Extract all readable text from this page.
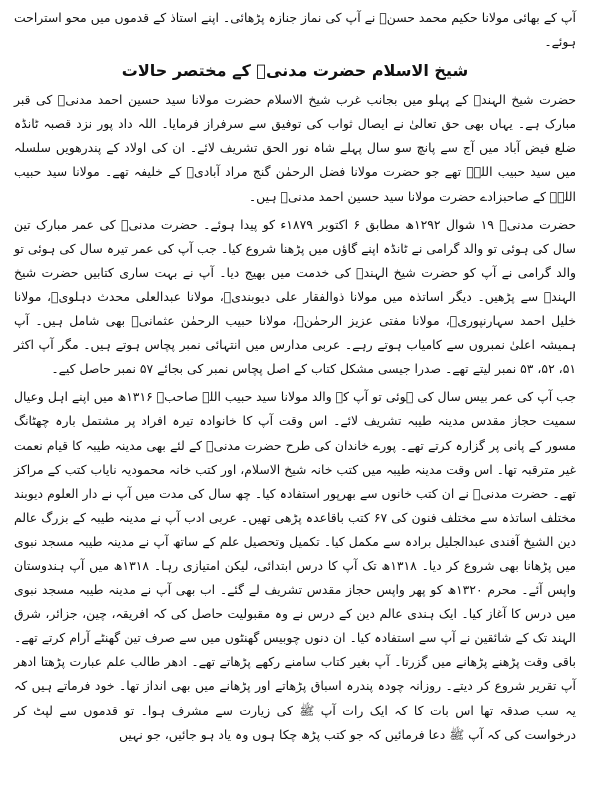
آپ کے بھائی مولانا حکیم محمد حسنؒ نے آپ کی نماز جنازہ پڑھائی۔ اپنے استاذ کے قدموں میں محو استراحت ہوئے۔

شیخ الاسلام حضرت مدنیؒ کے مختصر حالات

حضرت شیخ الہندؒ کے پہلو میں بجانب غرب شیخ الاسلام حضرت مولانا سید حسین احمد مدنیؒ کی قبر مبارک ہے۔ یہاں بھی حق تعالیٰ نے ایصال ثواب کی توفیق سے سرفراز فرمایا۔ اللہ داد پور نزد قصبہ ٹانڈہ ضلع فیض آباد میں آج سے پانچ سو سال پہلے شاہ نور الحق تشریف لائے۔ ان کی اولاد کے پندرھویں سلسلہ میں سید حبیب اللہؒ تھے جو حضرت مولانا فضل الرحمٰن گنج مراد آبادیؒ کے خلیفہ تھے۔ مولانا سید حبیب اللہؒ کے صاحبزادے حضرت مولانا سید حسین احمد مدنیؒ ہیں۔

حضرت مدنیؒ ۱۹ شوال ۱۲۹۲ھ مطابق ۶ اکتوبر ۱۸۷۹ء کو پیدا ہوئے۔ حضرت مدنیؒ کی عمر مبارک تین سال کی ہوئی تو والد گرامی نے ٹانڈہ اپنے گاؤں میں پڑھنا شروع کیا۔ جب آپ کی عمر تیرہ سال کی ہوئی تو والد گرامی نے آپ کو حضرت شیخ الہندؒ کی خدمت میں بھیج دیا۔ آپ نے بہت ساری کتابیں حضرت شیخ الہندؒ سے پڑھیں۔ دیگر اساتذہ میں مولانا ذوالفقار علی دیوبندیؒ، مولانا عبدالعلی محدث دہلویؒ، مولانا خلیل احمد سہارنپوریؒ، مولانا مفتی عزیز الرحمٰنؒ، مولانا حبیب الرحمٰن عثمانیؒ بھی شامل ہیں۔ آپ ہمیشہ اعلیٰ نمبروں سے کامیاب ہوتے رہے۔ عربی مدارس میں انتہائی نمبر پچاس ہوتے ہیں۔ مگر آپ اکثر ۵۱، ۵۲، ۵۳ نمبر لیتے تھے۔ صدرا جیسی مشکل کتاب کے اصل پچاس نمبر کی بجائے ۵۷ نمبر حاصل کیے۔

جب آپ کی عمر بیس سال کی ہوئی تو آپ کے والد مولانا سید حبیب اللہ صاحبؒ ۱۳۱۶ھ میں اپنے اہل وعیال سمیت حجاز مقدس مدینہ طیبہ تشریف لائے۔ اس وقت آپ کا خانوادہ تیرہ افراد پر مشتمل بارہ چھٹانگ مسور کے پانی پر گزارہ کرتے تھے۔ پورے خاندان کی طرح حضرت مدنیؒ کے لئے بھی مدینہ طیبہ کا قیام نعمت غیر مترقبہ تھا۔ اس وقت مدینہ طیبہ میں کتب خانہ شیخ الاسلام، اور کتب خانہ محمودیہ نایاب کتب کے مراکز تھے۔ حضرت مدنیؒ نے ان کتب خانوں سے بھرپور استفادہ کیا۔ چھ سال کی مدت میں آپ نے دار العلوم دیوبند مختلف اساتذہ سے مختلف فنون کی ۶۷ کتب باقاعدہ پڑھی تھیں۔ عربی ادب آپ نے مدینہ طیبہ کے بزرگ عالم دین الشیخ آفندی عبدالجلیل برادہ سے مکمل کیا۔ تکمیل وتحصیل علم کے ساتھ آپ نے مدینہ طیبہ مسجد نبوی میں پڑھانا بھی شروع کر دیا۔ ۱۳۱۸ھ تک آپ کا درس ابتدائی، لیکن امتیازی رہا۔ ۱۳۱۸ھ میں آپ ہندوستان واپس آئے۔ محرم ۱۳۲۰ھ کو پھر واپس حجاز مقدس تشریف لے گئے۔ اب بھی آپ نے مدینہ طیبہ مسجد نبوی میں درس کا آغاز کیا۔ ایک ہندی عالم دین کے درس نے وہ مقبولیت حاصل کی کہ افریقہ، چین، جزائر، شرق الہند تک کے شائقین نے آپ سے استفادہ کیا۔ ان دنوں چوبیس گھنٹوں میں سے صرف تین گھنٹے آرام کرتے تھے۔ باقی وقت پڑھنے پڑھانے میں گزرتا۔ آپ بغیر کتاب سامنے رکھے پڑھاتے تھے۔ ادھر طالب علم عبارت پڑھتا ادھر آپ تقریر شروع کر دیتے۔ روزانہ چودہ پندرہ اسباق پڑھاتے اور پڑھانے میں بھی انداز تھا۔ خود فرماتے ہیں کہ یہ سب صدقہ تھا اس بات کا کہ ایک رات آپ ﷺ کی زیارت سے مشرف ہوا۔ تو قدموں سے لپٹ کر درخواست کی کہ آپ ﷺ دعا فرمائیں کہ جو کتب پڑھ چکا ہوں وہ یاد ہو جائیں، جو نہیں
